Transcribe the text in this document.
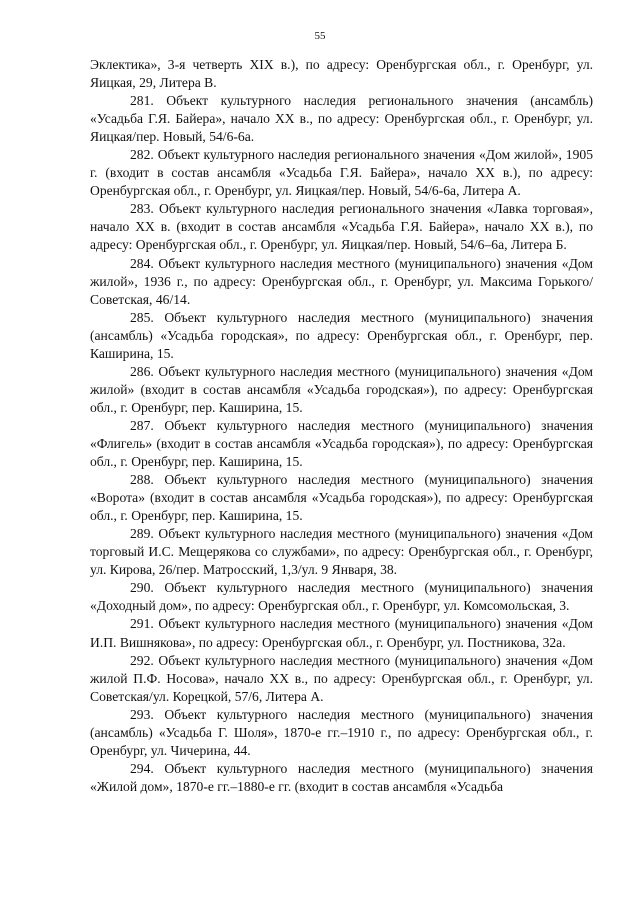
55

Эклектика», 3-я четверть XIX в.), по адресу: Оренбургская обл., г. Оренбург, ул. Яицкая, 29, Литера В.

281. Объект культурного наследия регионального значения (ансамбль) «Усадьба Г.Я. Байера», начало XX в., по адресу: Оренбургская обл., г. Оренбург, ул. Яицкая/пер. Новый, 54/6-6а.

282. Объект культурного наследия регионального значения «Дом жилой», 1905 г. (входит в состав ансамбля «Усадьба Г.Я. Байера», начало XX в.), по адресу: Оренбургская обл., г. Оренбург, ул. Яицкая/пер. Новый, 54/6-6а, Литера А.

283. Объект культурного наследия регионального значения «Лавка торговая», начало XX в. (входит в состав ансамбля «Усадьба Г.Я. Байера», начало XX в.), по адресу: Оренбургская обл., г. Оренбург, ул. Яицкая/пер. Новый, 54/6–6а, Литера Б.

284. Объект культурного наследия местного (муниципального) значения «Дом жилой», 1936 г., по адресу: Оренбургская обл., г. Оренбург, ул. Максима Горького/Советская, 46/14.

285. Объект культурного наследия местного (муниципального) значения (ансамбль) «Усадьба городская», по адресу: Оренбургская обл., г. Оренбург, пер. Каширина, 15.

286. Объект культурного наследия местного (муниципального) значения «Дом жилой» (входит в состав ансамбля «Усадьба городская»), по адресу: Оренбургская обл., г. Оренбург, пер. Каширина, 15.

287. Объект культурного наследия местного (муниципального) значения «Флигель» (входит в состав ансамбля «Усадьба городская»), по адресу: Оренбургская обл., г. Оренбург, пер. Каширина, 15.

288. Объект культурного наследия местного (муниципального) значения «Ворота» (входит в состав ансамбля «Усадьба городская»), по адресу: Оренбургская обл., г. Оренбург, пер. Каширина, 15.

289. Объект культурного наследия местного (муниципального) значения «Дом торговый И.С. Мещерякова со службами», по адресу: Оренбургская обл., г. Оренбург, ул. Кирова, 26/пер. Матросский, 1,3/ул. 9 Января, 38.

290. Объект культурного наследия местного (муниципального) значения «Доходный дом», по адресу: Оренбургская обл., г. Оренбург, ул. Комсомольская, 3.

291. Объект культурного наследия местного (муниципального) значения «Дом И.П. Вишнякова», по адресу: Оренбургская обл., г. Оренбург, ул. Постникова, 32а.

292. Объект культурного наследия местного (муниципального) значения «Дом жилой П.Ф. Носова», начало XX в., по адресу: Оренбургская обл., г. Оренбург, ул. Советская/ул. Корецкой, 57/6, Литера А.

293. Объект культурного наследия местного (муниципального) значения (ансамбль) «Усадьба Г. Шоля», 1870-е гг.–1910 г., по адресу: Оренбургская обл., г. Оренбург, ул. Чичерина, 44.

294. Объект культурного наследия местного (муниципального) значения «Жилой дом», 1870-е гг.–1880-е гг. (входит в состав ансамбля «Усадьба
